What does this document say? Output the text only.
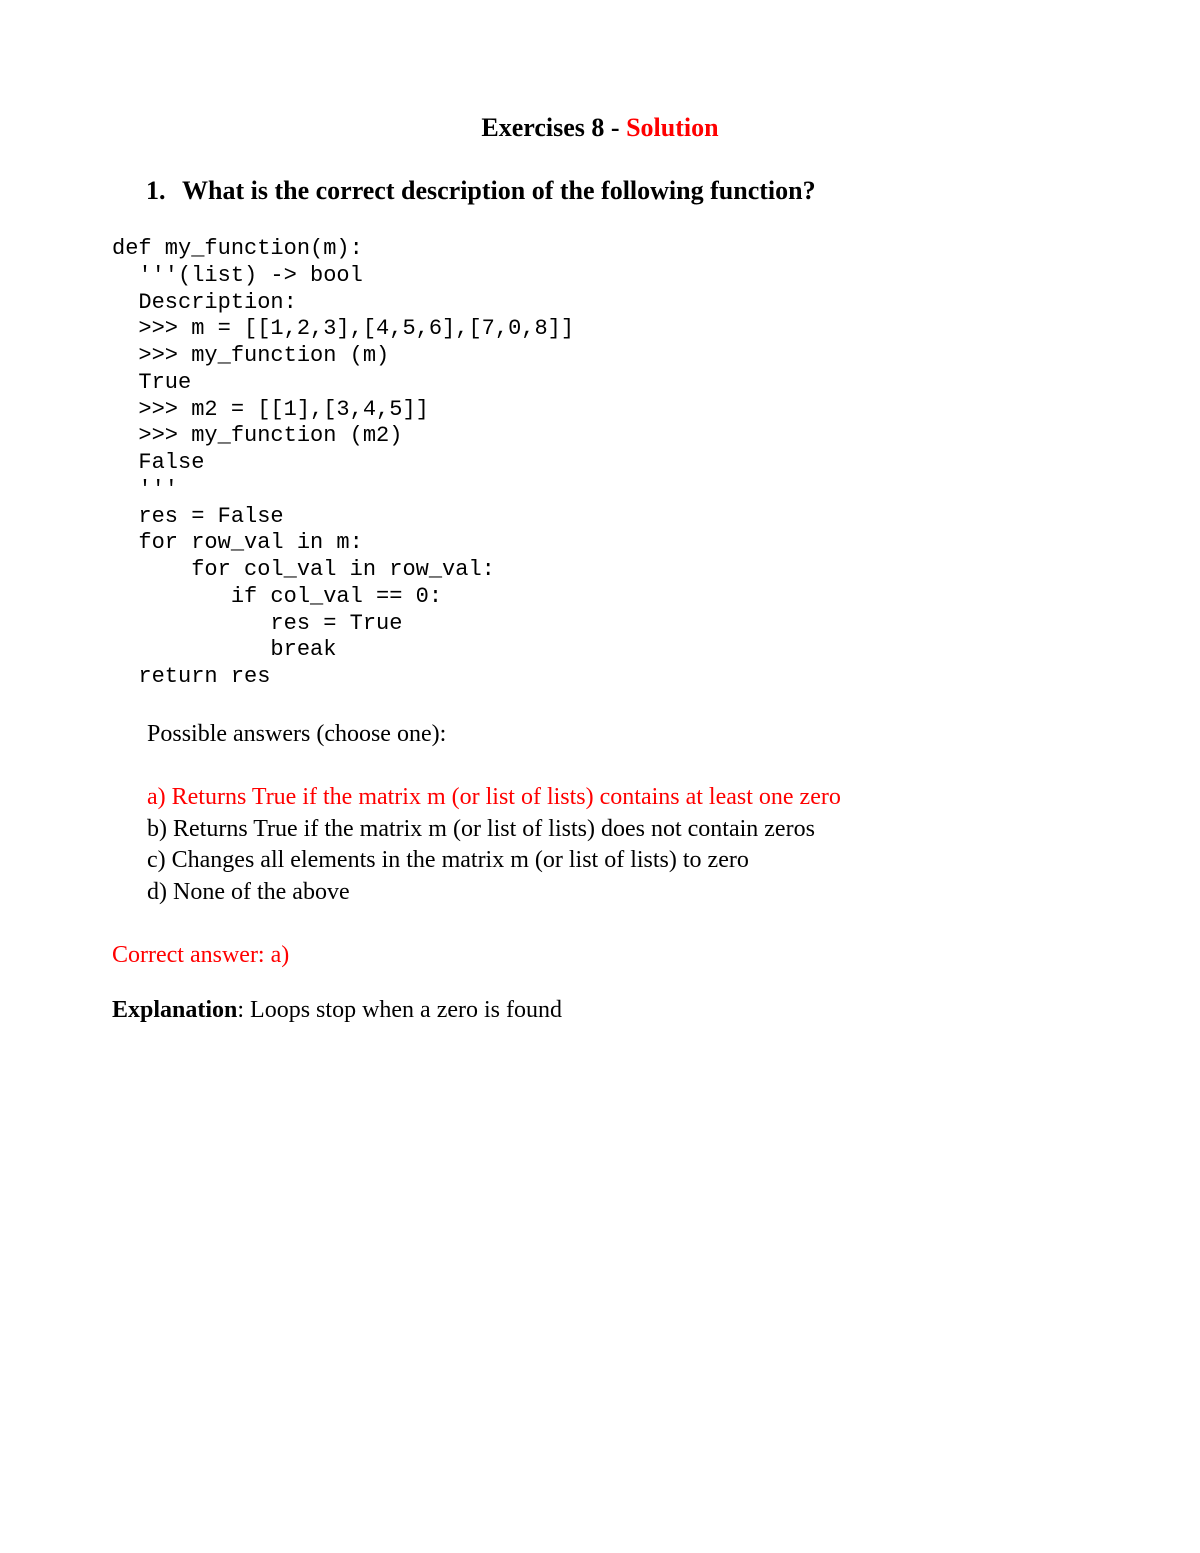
Exercises 8 - Solution

1. What is the correct description of the following function?

def my_function(m):
'''(list) -> bool
Description:
>>> m = [[1,2,3],[4,5,6],[7,0,8]]
>>> my_function (m)
True
>>> m2 = [[1],[3,4,5]]
>>> my_function (m2)
False
'''
res = False
for row_val in m:
for col_val in row_val:
if col_val == 0:
res = True
break
return res

Possible answers (choose one):

a) Returns True if the matrix m (or list of lists) contains at least one zero
b) Returns True if the matrix m (or list of lists) does not contain zeros
c) Changes all elements in the matrix m (or list of lists) to zero
d) None of the above

Correct answer: a)

Explanation: Loops stop when a zero is found
